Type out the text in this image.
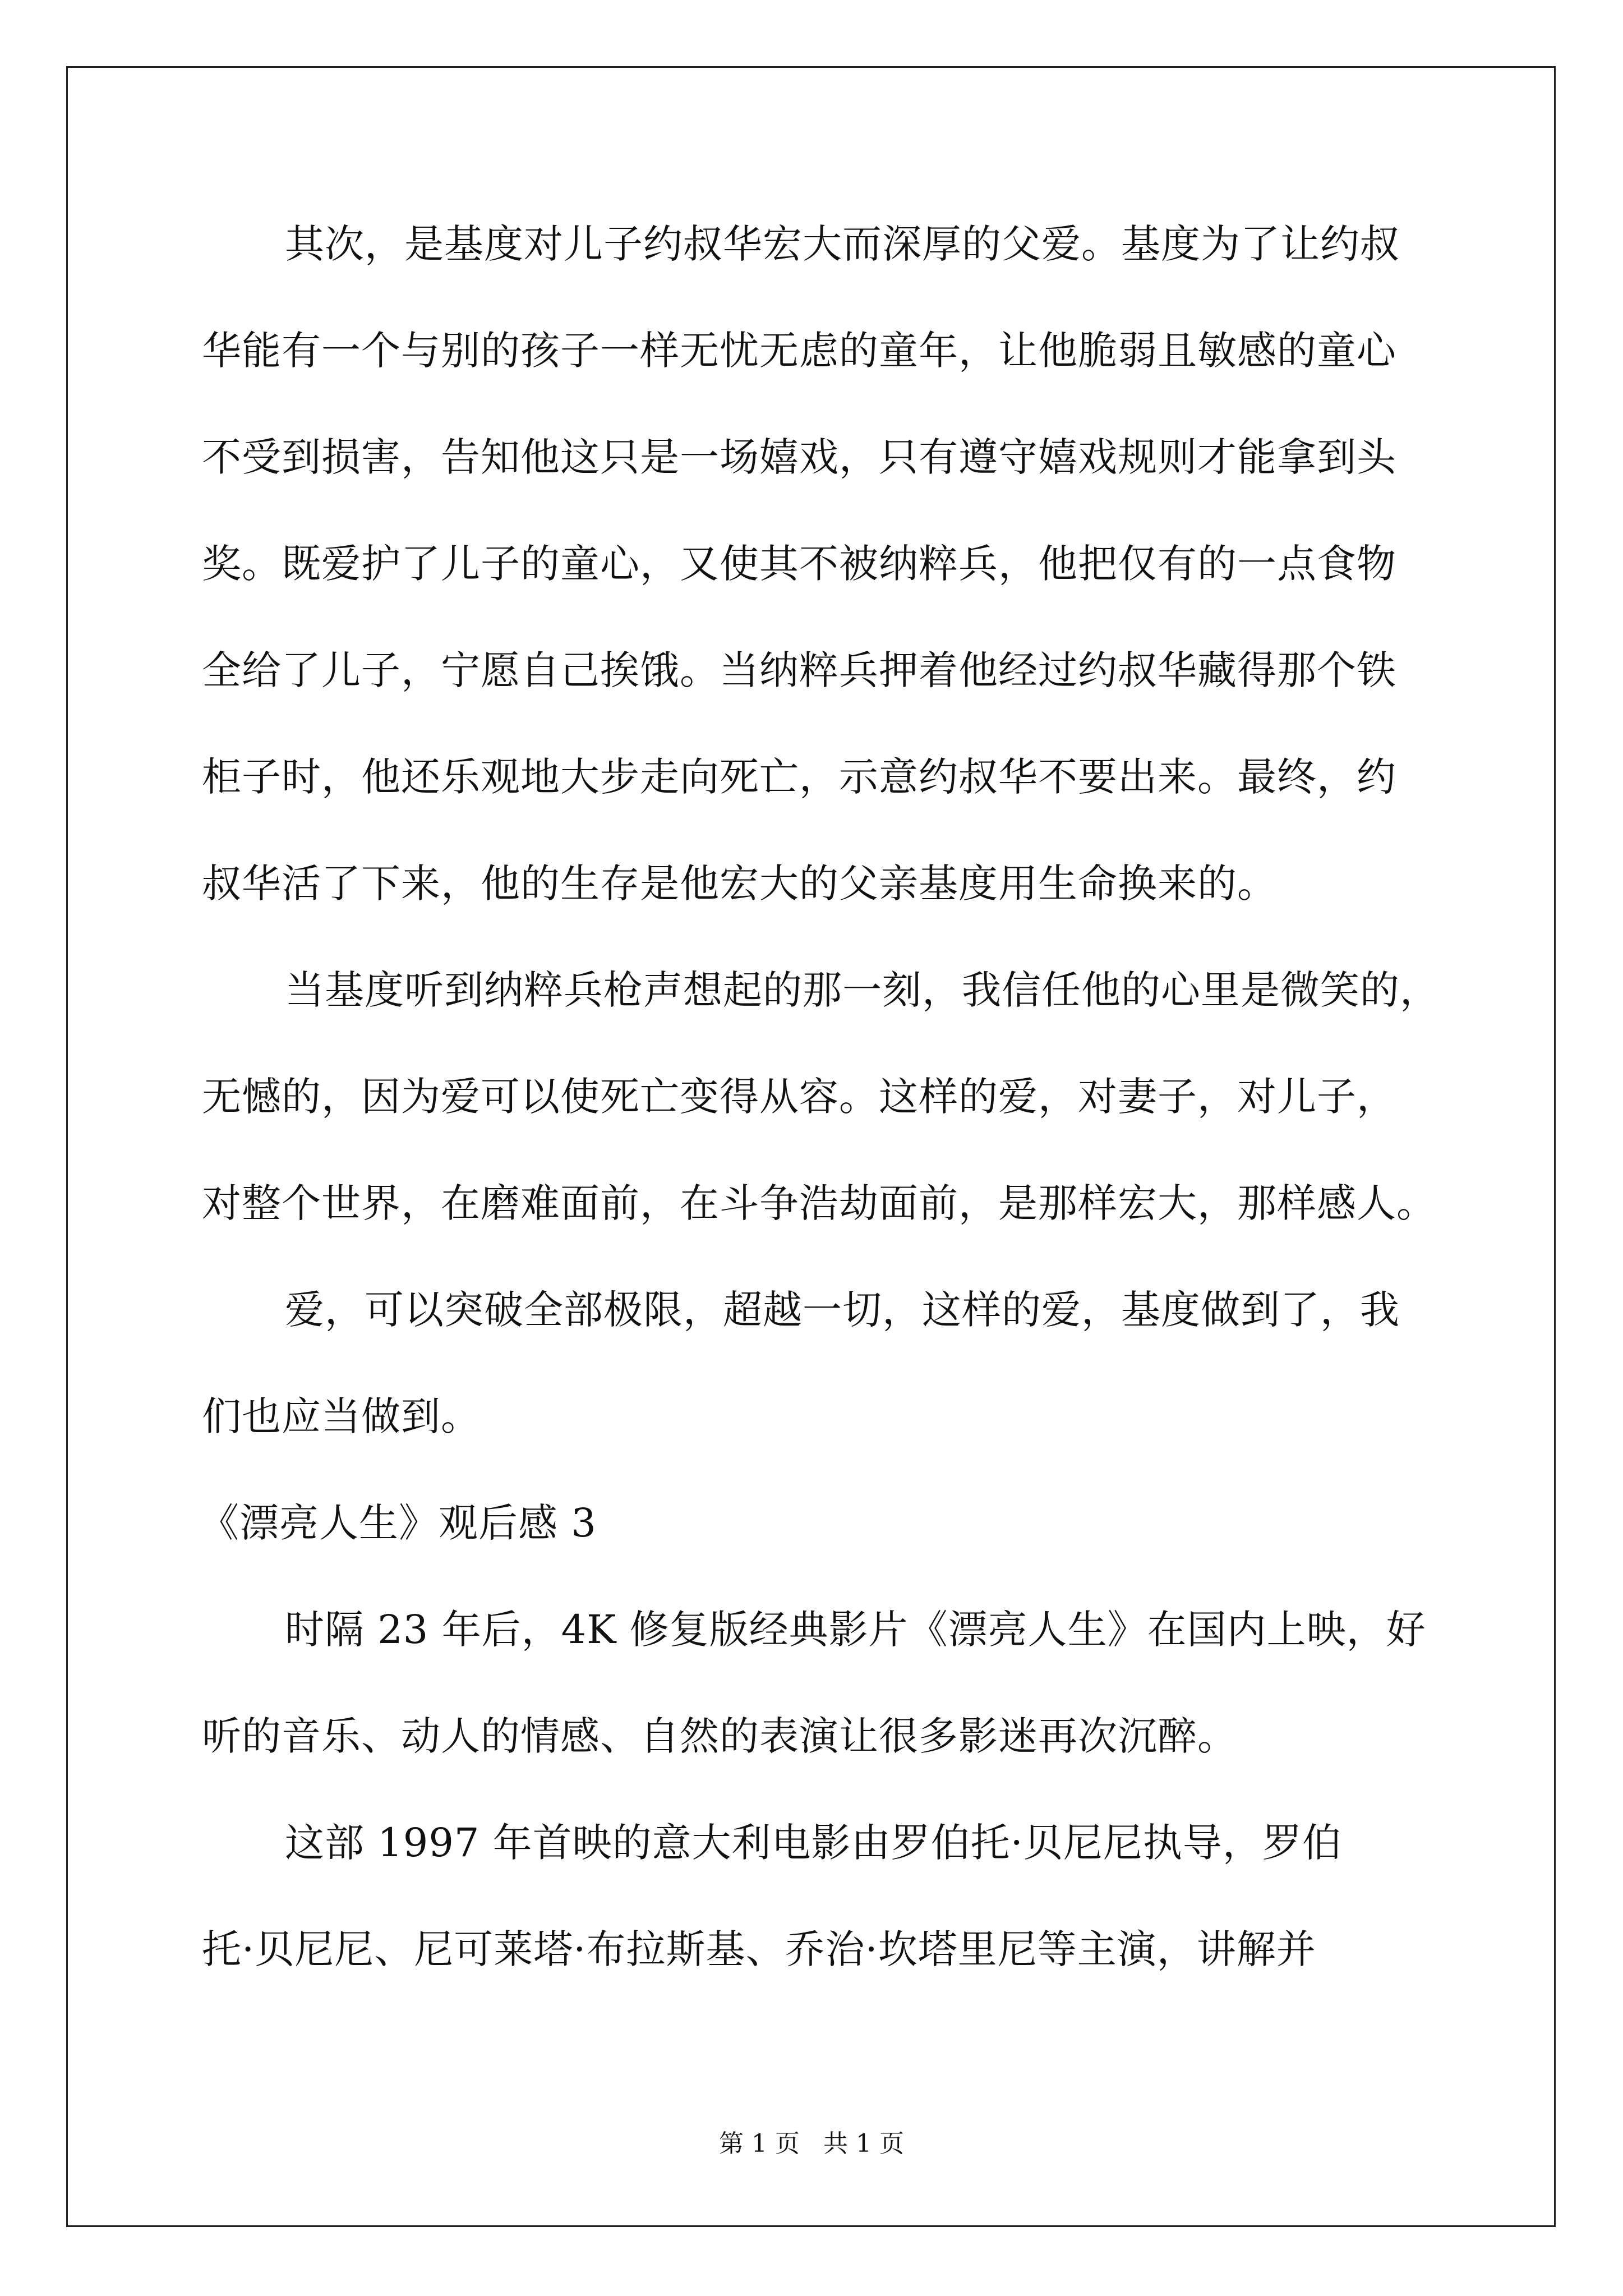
其次，是基度对儿子约叔华宏大而深厚的父爱。基度为了让约叔
华能有一个与别的孩子一样无忧无虑的童年，让他脆弱且敏感的童心
不受到损害，告知他这只是一场嬉戏，只有遵守嬉戏规则才能拿到头
奖。既爱护了儿子的童心，又使其不被纳粹兵，他把仅有的一点食物
全给了儿子，宁愿自己挨饿。当纳粹兵押着他经过约叔华藏得那个铁
柜子时，他还乐观地大步走向死亡，示意约叔华不要出来。最终，约
叔华活了下来，他的生存是他宏大的父亲基度用生命换来的。
当基度听到纳粹兵枪声想起的那一刻，我信任他的心里是微笑的，
无憾的，因为爱可以使死亡变得从容。这样的爱，对妻子，对儿子，
对整个世界，在磨难面前，在斗争浩劫面前，是那样宏大，那样感人。
爱，可以突破全部极限，超越一切，这样的爱，基度做到了，我
们也应当做到。
《漂亮人生》观后感 3
时隔 23 年后，4K 修复版经典影片《漂亮人生》在国内上映，好
听的音乐、动人的情感、自然的表演让很多影迷再次沉醉。
这部 1997 年首映的意大利电影由罗伯托·贝尼尼执导，罗伯
托·贝尼尼、尼可莱塔·布拉斯基、乔治·坎塔里尼等主演，讲解并
第 1 页   共 1 页
